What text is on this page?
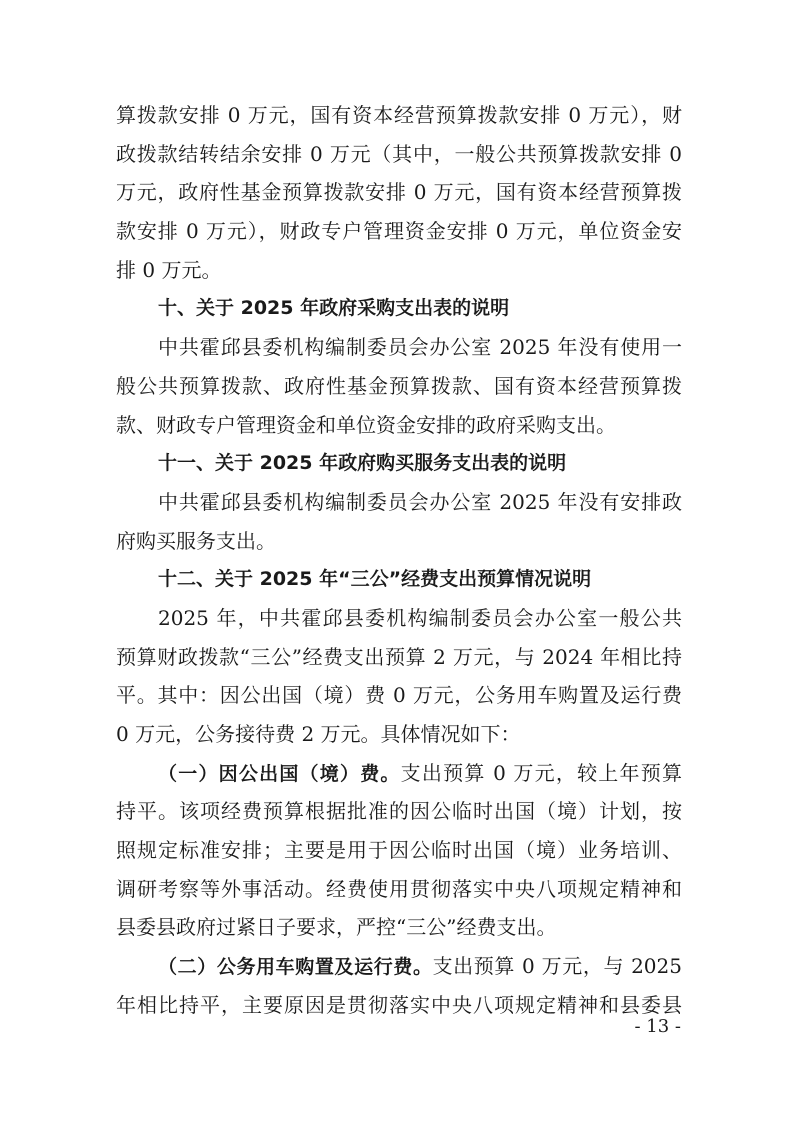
算拨款安排 0 万元，国有资本经营预算拨款安排 0 万元），财
政拨款结转结余安排 0 万元（其中，一般公共预算拨款安排 0
万元，政府性基金预算拨款安排 0 万元，国有资本经营预算拨
款安排 0 万元），财政专户管理资金安排 0 万元，单位资金安
排 0 万元。
十、关于 2025 年政府采购支出表的说明
中共霍邱县委机构编制委员会办公室 2025 年没有使用一
般公共预算拨款、政府性基金预算拨款、国有资本经营预算拨
款、财政专户管理资金和单位资金安排的政府采购支出。
十一、关于 2025 年政府购买服务支出表的说明
中共霍邱县委机构编制委员会办公室 2025 年没有安排政
府购买服务支出。
十二、关于 2025 年“三公”经费支出预算情况说明
2025 年，中共霍邱县委机构编制委员会办公室一般公共
预算财政拨款“三公”经费支出预算 2 万元，与 2024 年相比持
平。其中：因公出国（境）费 0 万元，公务用车购置及运行费
0 万元，公务接待费 2 万元。具体情况如下：
（一）因公出国（境）费。支出预算 0 万元，较上年预算
持平。该项经费预算根据批准的因公临时出国（境）计划，按
照规定标准安排；主要是用于因公临时出国（境）业务培训、
调研考察等外事活动。经费使用贯彻落实中央八项规定精神和
县委县政府过紧日子要求，严控“三公”经费支出。
（二）公务用车购置及运行费。支出预算 0 万元，与 2025
年相比持平，主要原因是贯彻落实中央八项规定精神和县委县
- 13 -
